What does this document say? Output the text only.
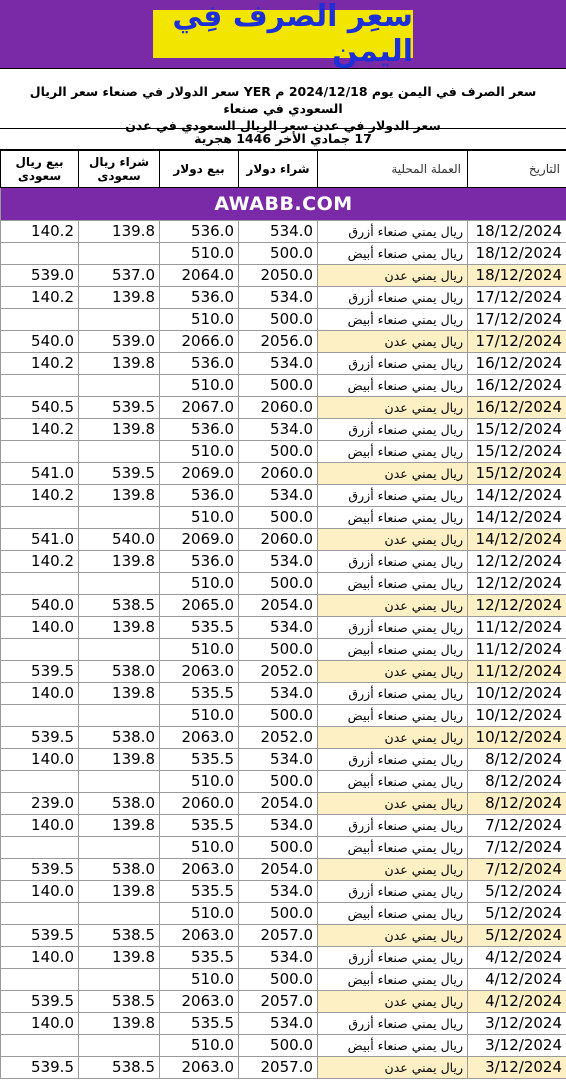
سعِر الصرف فِي اليمن
سعر الصرف في اليمن يوم 2024/12/18 م YER سعر الدولار في صنعاء سعر الريال السعودي في صنعاء
سعر الدولار في عدن سعر الريال السعودي في عدن
17 جمادي الأخر 1446 هجرية
بيع ريال سعودى	شراء ريال سعودى	بيع دولار	شراء دولار	العملة المحلية	التاريخ
AWABB.COM					
140.2	139.8	536.0	534.0	ريال يمني صنعاء أزرق	18/12/2024
		510.0	500.0	ريال يمني صنعاء أبيض	18/12/2024
539.0	537.0	2064.0	2050.0	ريال يمني عدن	18/12/2024
140.2	139.8	536.0	534.0	ريال يمني صنعاء أزرق	17/12/2024
		510.0	500.0	ريال يمني صنعاء أبيض	17/12/2024
540.0	539.0	2066.0	2056.0	ريال يمني عدن	17/12/2024
140.2	139.8	536.0	534.0	ريال يمني صنعاء أزرق	16/12/2024
		510.0	500.0	ريال يمني صنعاء أبيض	16/12/2024
540.5	539.5	2067.0	2060.0	ريال يمني عدن	16/12/2024
140.2	139.8	536.0	534.0	ريال يمني صنعاء أزرق	15/12/2024
		510.0	500.0	ريال يمني صنعاء أبيض	15/12/2024
541.0	539.5	2069.0	2060.0	ريال يمني عدن	15/12/2024
140.2	139.8	536.0	534.0	ريال يمني صنعاء أزرق	14/12/2024
		510.0	500.0	ريال يمني صنعاء أبيض	14/12/2024
541.0	540.0	2069.0	2060.0	ريال يمني عدن	14/12/2024
140.2	139.8	536.0	534.0	ريال يمني صنعاء أزرق	12/12/2024
		510.0	500.0	ريال يمني صنعاء أبيض	12/12/2024
540.0	538.5	2065.0	2054.0	ريال يمني عدن	12/12/2024
140.0	139.8	535.5	534.0	ريال يمني صنعاء أزرق	11/12/2024
		510.0	500.0	ريال يمني صنعاء أبيض	11/12/2024
539.5	538.0	2063.0	2052.0	ريال يمني عدن	11/12/2024
140.0	139.8	535.5	534.0	ريال يمني صنعاء أزرق	10/12/2024
		510.0	500.0	ريال يمني صنعاء أبيض	10/12/2024
539.5	538.0	2063.0	2052.0	ريال يمني عدن	10/12/2024
140.0	139.8	535.5	534.0	ريال يمني صنعاء أزرق	8/12/2024
		510.0	500.0	ريال يمني صنعاء أبيض	8/12/2024
239.0	538.0	2060.0	2054.0	ريال يمني عدن	8/12/2024
140.0	139.8	535.5	534.0	ريال يمني صنعاء أزرق	7/12/2024
		510.0	500.0	ريال يمني صنعاء أبيض	7/12/2024
539.5	538.0	2063.0	2054.0	ريال يمني عدن	7/12/2024
140.0	139.8	535.5	534.0	ريال يمني صنعاء أزرق	5/12/2024
		510.0	500.0	ريال يمني صنعاء أبيض	5/12/2024
539.5	538.5	2063.0	2057.0	ريال يمني عدن	5/12/2024
140.0	139.8	535.5	534.0	ريال يمني صنعاء أزرق	4/12/2024
		510.0	500.0	ريال يمني صنعاء أبيض	4/12/2024
539.5	538.5	2063.0	2057.0	ريال يمني عدن	4/12/2024
140.0	139.8	535.5	534.0	ريال يمني صنعاء أزرق	3/12/2024
		510.0	500.0	ريال يمني صنعاء أبيض	3/12/2024
539.5	538.5	2063.0	2057.0	ريال يمني عدن	3/12/2024
